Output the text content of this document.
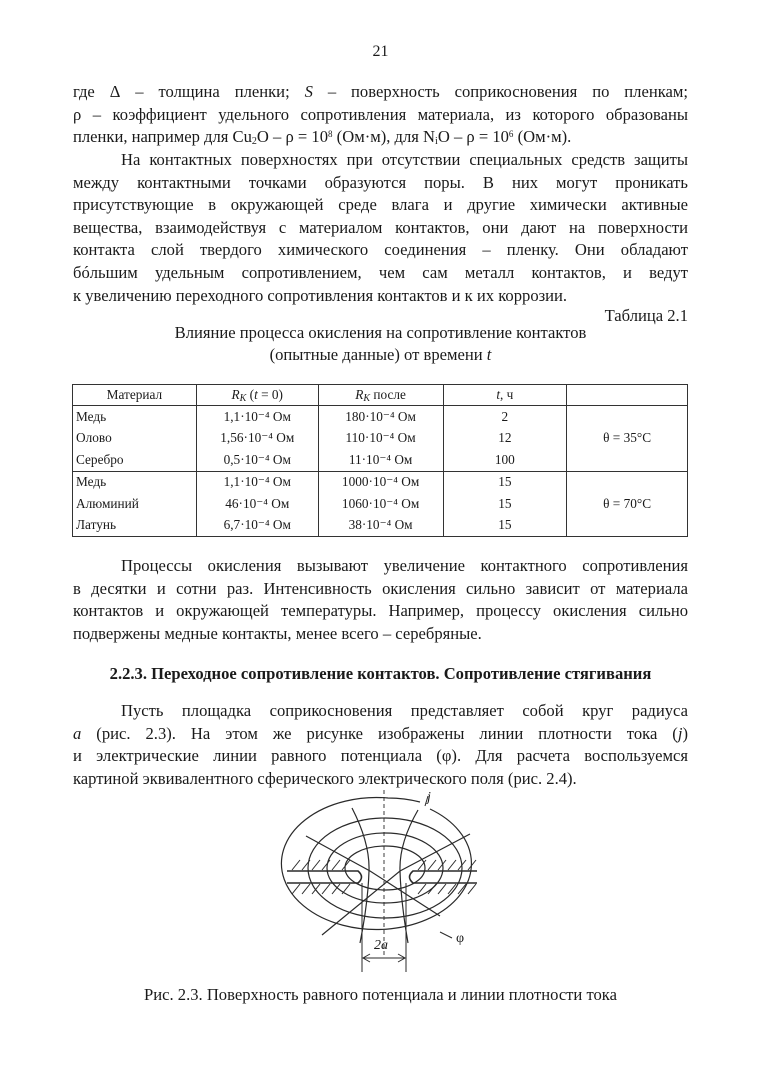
21
где  Δ  –  толщина  пленки;  S  –  поверхность  соприкосновения  по  пленкам;
ρ – коэффициент удельного сопротивления материала, из которого образованы
пленки, например для $Cu_2O - \rho = 10^8$ (Ом·м), для $N_iO - \rho = 10^6$ (Ом·м).
На контактных поверхностях при отсутствии специальных средств защиты
между контактными точками образуются поры. В них могут проникать
присутствующие в окружающей среде влага и другие химически активные
вещества, взаимодействуя с материалом контактов, они дают на поверхности
контакта слой твердого химического соединения – пленку. Они обладают
бóльшим удельным сопротивлением, чем сам металл контактов, и ведут
к увеличению переходного сопротивления контактов и к их коррозии.
Таблица 2.1
Влияние процесса окисления на сопротивление контактов
(опытные данные) от времени t
Материал	$R_K$ (t = 0)	$R_K$ после	t, ч	
Медь	1,1·10⁻⁴ Ом	180·10⁻⁴ Ом	2	θ = 35°C
Олово	1,56·10⁻⁴ Ом	110·10⁻⁴ Ом	12	
Серебро	0,5·10⁻⁴ Ом	11·10⁻⁴ Ом	100	
Медь	1,1·10⁻⁴ Ом	1000·10⁻⁴ Ом	15	θ = 70°C
Алюминий	46·10⁻⁴ Ом	1060·10⁻⁴ Ом	15	
Латунь	6,7·10⁻⁴ Ом	38·10⁻⁴ Ом	15	
Процессы окисления вызывают увеличение контактного сопротивления
в десятки и сотни раз. Интенсивность окисления сильно зависит от материала
контактов и окружающей температуры. Например, процессу окисления сильно
подвержены медные контакты, менее всего – серебряные.
2.2.3. Переходное сопротивление контактов. Сопротивление стягивания
Пусть площадка соприкосновения представляет собой круг радиуса
a  (рис.  2.3).  На  этом  же  рисунке  изображены  линии  плотности  тока  (j)
и электрические линии равного потенциала (φ). Для расчета воспользуемся
картиной эквивалентного сферического электрического поля (рис. 2.4).
j
φ
2a
Рис. 2.3. Поверхность равного потенциала и линии плотности тока
